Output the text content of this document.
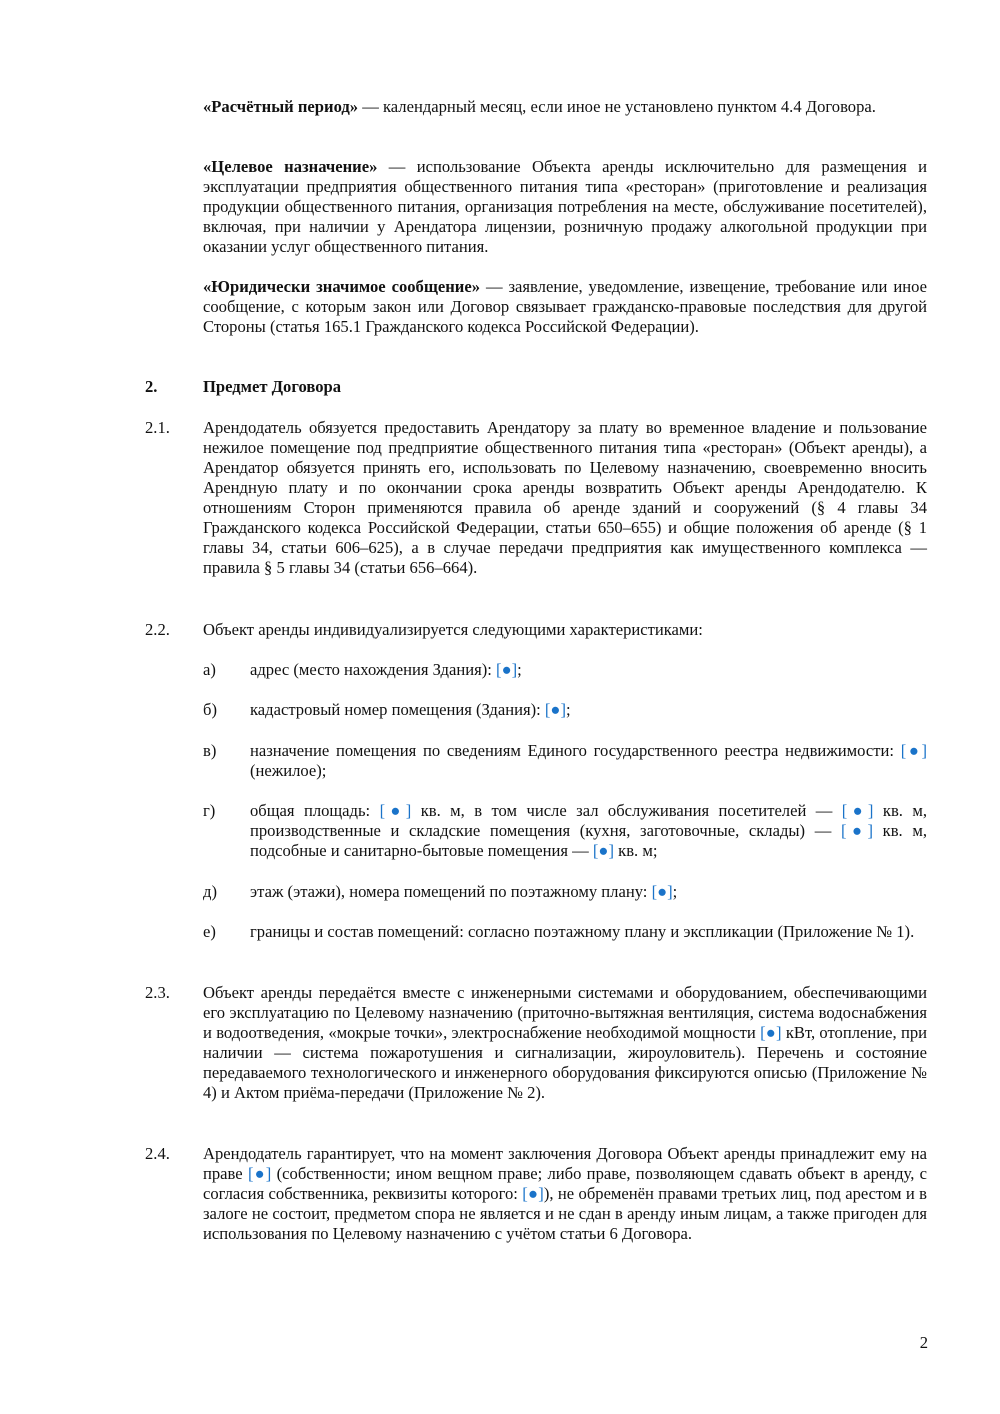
«Расчётный период» — календарный месяц, если иное не установлено пунктом 4.4 Договора.
«Целевое назначение» — использование Объекта аренды исключительно для размещения и эксплуатации предприятия общественного питания типа «ресторан» (приготовление и реализация продукции общественного питания, организация потребления на месте, обслуживание посетителей), включая, при наличии у Арендатора лицензии, розничную продажу алкогольной продукции при оказании услуг общественного питания.
«Юридически значимое сообщение» — заявление, уведомление, извещение, требование или иное сообщение, с которым закон или Договор связывает гражданско-правовые последствия для другой Стороны (статья 165.1 Гражданского кодекса Российской Федерации).
2.	Предмет Договора
2.1. Арендодатель обязуется предоставить Арендатору за плату во временное владение и пользование нежилое помещение под предприятие общественного питания типа «ресторан» (Объект аренды), а Арендатор обязуется принять его, использовать по Целевому назначению, своевременно вносить Арендную плату и по окончании срока аренды возвратить Объект аренды Арендодателю. К отношениям Сторон применяются правила об аренде зданий и сооружений (§ 4 главы 34 Гражданского кодекса Российской Федерации, статьи 650–655) и общие положения об аренде (§ 1 главы 34, статьи 606–625), а в случае передачи предприятия как имущественного комплекса — правила § 5 главы 34 (статьи 656–664).
2.2. Объект аренды индивидуализируется следующими характеристиками:
а) адрес (место нахождения Здания): [●];
б) кадастровый номер помещения (Здания): [●];
в) назначение помещения по сведениям Единого государственного реестра недвижимости: [●] (нежилое);
г) общая площадь: [●] кв. м, в том числе зал обслуживания посетителей — [●] кв. м, производственные и складские помещения (кухня, заготовочные, склады) — [●] кв. м, подсобные и санитарно-бытовые помещения — [●] кв. м;
д) этаж (этажи), номера помещений по поэтажному плану: [●];
е) границы и состав помещений: согласно поэтажному плану и экспликации (Приложение № 1).
2.3. Объект аренды передаётся вместе с инженерными системами и оборудованием, обеспечивающими его эксплуатацию по Целевому назначению (приточно-вытяжная вентиляция, система водоснабжения и водоотведения, «мокрые точки», электроснабжение необходимой мощности [●] кВт, отопление, при наличии — система пожаротушения и сигнализации, жироуловитель). Перечень и состояние передаваемого технологического и инженерного оборудования фиксируются описью (Приложение № 4) и Актом приёма-передачи (Приложение № 2).
2.4. Арендодатель гарантирует, что на момент заключения Договора Объект аренды принадлежит ему на праве [●] (собственности; ином вещном праве; либо праве, позволяющем сдавать объект в аренду, с согласия собственника, реквизиты которого: [●]), не обременён правами третьих лиц, под арестом и в залоге не состоит, предметом спора не является и не сдан в аренду иным лицам, а также пригоден для использования по Целевому назначению с учётом статьи 6 Договора.
2
